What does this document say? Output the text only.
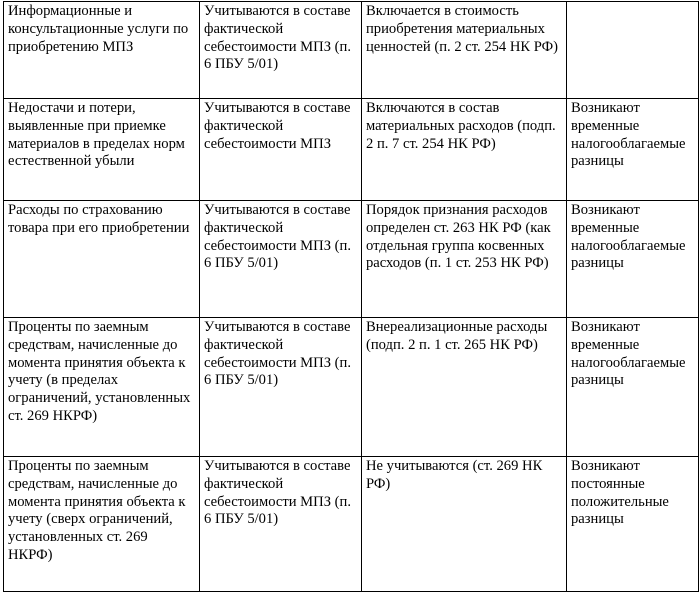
Информационные и консультационные услуги по приобретению МПЗ	Учитываются в составе фактической себестоимости МПЗ (п. 6 ПБУ 5/01)	Включается в стоимость приобретения материальных ценностей (п. 2 ст. 254 НК РФ)	
Недостачи и потери, выявленные при приемке материалов в пределах норм естественной убыли	Учитываются в составе фактической себестоимости МПЗ	Включаются в состав материальных расходов (подп. 2 п. 7 ст. 254 НК РФ)	Возникают временные налогооблагаемые разницы
Расходы по страхованию товара при его приобретении	Учитываются в составе фактической себестоимости МПЗ (п. 6 ПБУ 5/01)	Порядок признания расходов определен ст. 263 НК РФ (как отдельная группа косвенных расходов (п. 1 ст. 253 НК РФ)	Возникают временные налогооблагаемые разницы
Проценты по заемным средствам, начисленные до момента принятия объекта к учету (в пределах ограничений, установленных ст. 269 НКРФ)	Учитываются в составе фактической себестоимости МПЗ (п. 6 ПБУ 5/01)	Внереализационные расходы (подп. 2 п. 1 ст. 265 НК РФ)	Возникают временные налогооблагаемые разницы
Проценты по заемным средствам, начисленные до момента принятия объекта к учету (сверх ограничений, установленных ст. 269 НКРФ)	Учитываются в составе фактической себестоимости МПЗ (п. 6 ПБУ 5/01)	Не учитываются (ст. 269 НК РФ)	Возникают постоянные положительные разницы
